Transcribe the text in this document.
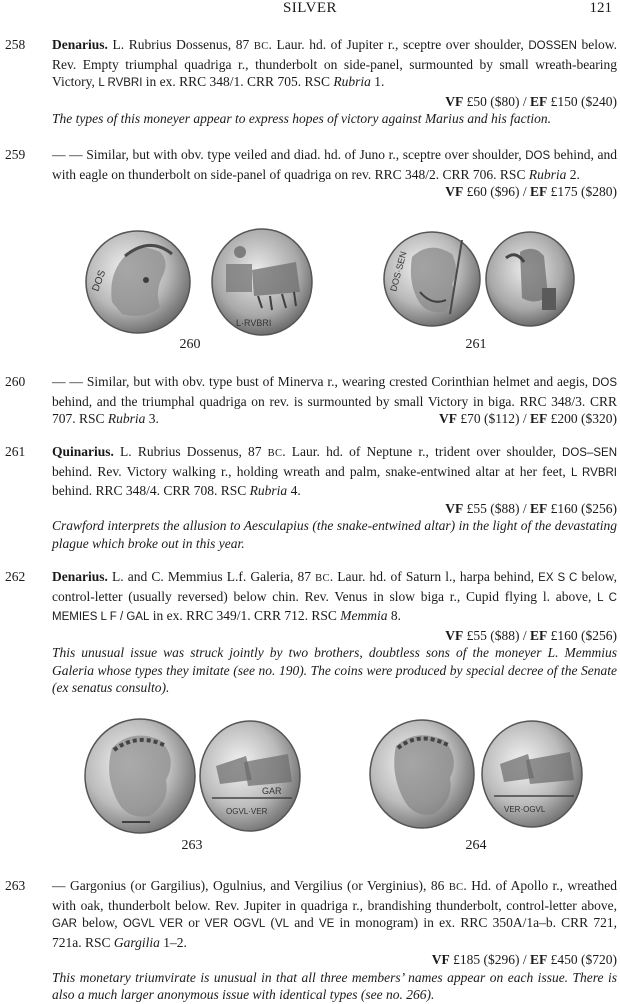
SILVER	121
258	Denarius. L. Rubrius Dossenus, 87 BC. Laur. hd. of Jupiter r., sceptre over shoulder, DOSSEN below. Rev. Empty triumphal quadriga r., thunderbolt on side-panel, surmounted by small wreath-bearing Victory, L RVBRI in ex. RRC 348/1. CRR 705. RSC Rubria 1.

VF £50 ($80) / EF £150 ($240)

The types of this moneyer appear to express hopes of victory against Marius and his faction.

259	— — Similar, but with obv. type veiled and diad. hd. of Juno r., sceptre over shoulder, DOS behind, and with eagle on thunderbolt on side-panel of quadriga on rev. RRC 348/2. CRR 706. RSC Rubria 2.
VF £60 ($96) / EF £175 ($280)

DOS
L·RVBRI
DOS·SEN
260	261
260	— — Similar, but with obv. type bust of Minerva r., wearing crested Corinthian helmet and aegis, DOS behind, and the triumphal quadriga on rev. is surmounted by small Victory in biga. RRC 348/3. CRR 707. RSC Rubria 3.	VF £70 ($112) / EF £200 ($320)

261	Quinarius. L. Rubrius Dossenus, 87 BC. Laur. hd. of Neptune r., trident over shoulder, DOS–SEN behind. Rev. Victory walking r., holding wreath and palm, snake-entwined altar at her feet, L RVBRI behind. RRC 348/4. CRR 708. RSC Rubria 4.

VF £55 ($88) / EF £160 ($256)

Crawford interprets the allusion to Aesculapius (the snake-entwined altar) in the light of the devastating plague which broke out in this year.

262	Denarius. L. and C. Memmius L.f. Galeria, 87 BC. Laur. hd. of Saturn l., harpa behind, EX S C below, control-letter (usually reversed) below chin. Rev. Venus in slow biga r., Cupid flying l. above, L C MEMIES L F / GAL in ex. RRC 349/1. CRR 712. RSC Memmia 8.

VF £55 ($88) / EF £160 ($256)

This unusual issue was struck jointly by two brothers, doubtless sons of the moneyer L. Memmius Galeria whose types they imitate (see no. 190). The coins were produced by special decree of the Senate (ex senatus consulto).

GAR
OGVL·VER	VER·OGVL
263	264
263	— Gargonius (or Gargilius), Ogulnius, and Vergilius (or Verginius), 86 BC. Hd. of Apollo r., wreathed with oak, thunderbolt below. Rev. Jupiter in quadriga r., brandishing thunderbolt, control-letter above, GAR below, OGVL VER or VER OGVL (VL and VE in monogram) in ex. RRC 350A/1a–b. CRR 721, 721a. RSC Gargilia 1–2.

VF £185 ($296) / EF £450 ($720)

This monetary triumvirate is unusual in that all three members’ names appear on each issue. There is also a much larger anonymous issue with identical types (see no. 266).
